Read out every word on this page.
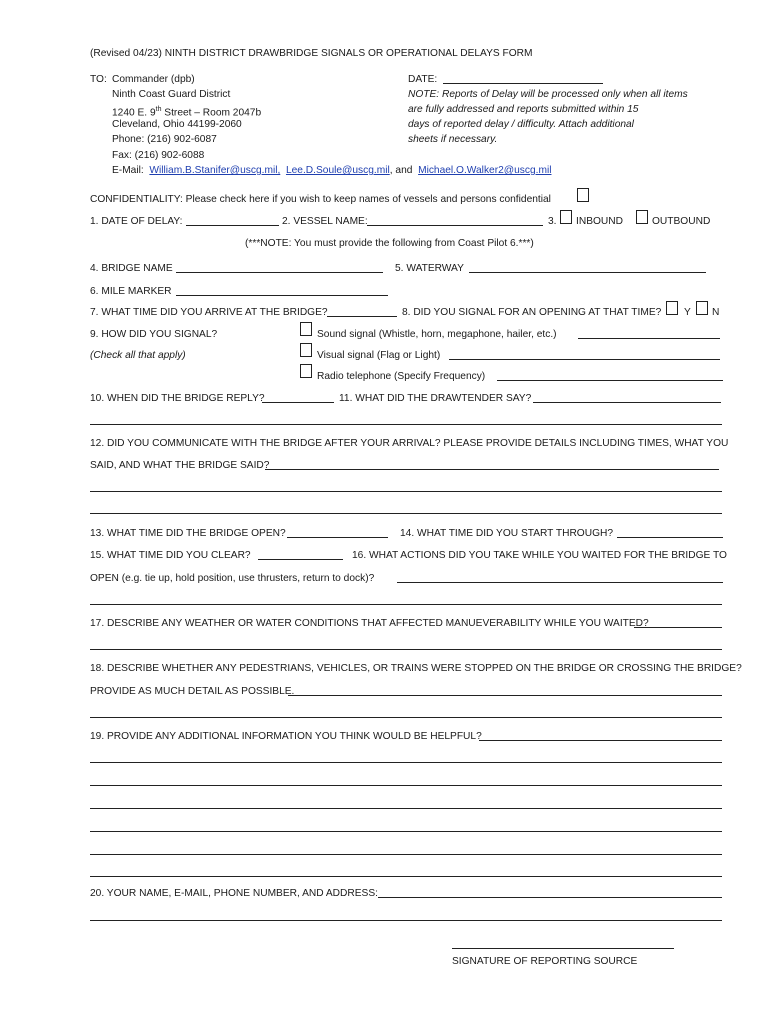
(Revised 04/23) NINTH DISTRICT DRAWBRIDGE SIGNALS OR OPERATIONAL DELAYS FORM
TO: Commander (dpb)
Ninth Coast Guard District
1240 E. 9th Street – Room 2047b
Cleveland, Ohio 44199-2060
Phone: (216) 902-6087
Fax: (216) 902-6088
E-Mail: William.B.Stanifer@uscg.mil, Lee.D.Soule@uscg.mil, and Michael.O.Walker2@uscg.mil
DATE:
NOTE: Reports of Delay will be processed only when all items
are fully addressed and reports submitted within 15
days of reported delay / difficulty. Attach additional
sheets if necessary.
CONFIDENTIALITY: Please check here if you wish to keep names of vessels and persons confidential
1. DATE OF DELAY:	2. VESSEL NAME:	3. INBOUND	OUTBOUND
(***NOTE: You must provide the following from Coast Pilot 6.***)
4. BRIDGE NAME	5. WATERWAY
6. MILE MARKER
7. WHAT TIME DID YOU ARRIVE AT THE BRIDGE?	8. DID YOU SIGNAL FOR AN OPENING AT THAT TIME? Y N
9. HOW DID YOU SIGNAL?
(Check all that apply)
Sound signal (Whistle, horn, megaphone, hailer, etc.)
Visual signal (Flag or Light)
Radio telephone (Specify Frequency)
10. WHEN DID THE BRIDGE REPLY?	11. WHAT DID THE DRAWTENDER SAY?
12. DID YOU COMMUNICATE WITH THE BRIDGE AFTER YOUR ARRIVAL? PLEASE PROVIDE DETAILS INCLUDING TIMES, WHAT YOU
SAID, AND WHAT THE BRIDGE SAID?
13. WHAT TIME DID THE BRIDGE OPEN?	14. WHAT TIME DID YOU START THROUGH?
15. WHAT TIME DID YOU CLEAR?	16. WHAT ACTIONS DID YOU TAKE WHILE YOU WAITED FOR THE BRIDGE TO
OPEN (e.g. tie up, hold position, use thrusters, return to dock)?
17. DESCRIBE ANY WEATHER OR WATER CONDITIONS THAT AFFECTED MANUEVERABILITY WHILE YOU WAITED?
18. DESCRIBE WHETHER ANY PEDESTRIANS, VEHICLES, OR TRAINS WERE STOPPED ON THE BRIDGE OR CROSSING THE BRIDGE?
PROVIDE AS MUCH DETAIL AS POSSIBLE.
19. PROVIDE ANY ADDITIONAL INFORMATION YOU THINK WOULD BE HELPFUL?
20. YOUR NAME, E-MAIL, PHONE NUMBER, AND ADDRESS:
SIGNATURE OF REPORTING SOURCE
